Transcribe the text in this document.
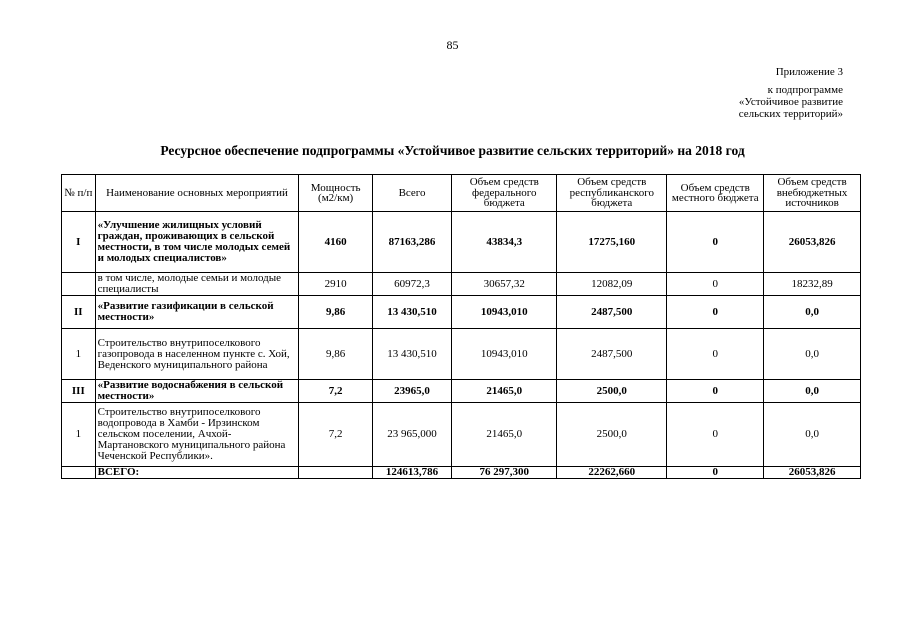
85
Приложение 3
к подпрограмме
«Устойчивое развитие
сельских территорий»
Ресурсное обеспечение подпрограммы «Устойчивое развитие сельских территорий» на 2018 год
№ п/п	Наименование основных мероприятий	Мощность (м2/км)	Всего	Объем средств федерального бюджета	Объем средств республиканского бюджета	Объем средств местного бюджета	Объем средств внебюджетных источников
I	«Улучшение жилищных условий граждан, проживающих в сельской местности, в том числе молодых семей и молодых специалистов»	4160	87163,286	43834,3	17275,160	0	26053,826
	в том числе, молодые семьи и молодые специалисты	2910	60972,3	30657,32	12082,09	0	18232,89
II	«Развитие газификации в сельской местности»	9,86	13 430,510	10943,010	2487,500	0	0,0
1	Строительство внутрипоселкового газопровода в населенном пункте с. Хой, Веденского муниципального района	9,86	13 430,510	10943,010	2487,500	0	0,0
III	«Развитие водоснабжения в сельской местности»	7,2	23965,0	21465,0	2500,0	0	0,0
1	Строительство внутрипоселкового водопровода в Хамби - Ирзинском сельском поселении, Ачхой-Мартановского муниципального района Чеченской Республики».	7,2	23 965,000	21465,0	2500,0	0	0,0
	ВСЕГО:		124613,786	76 297,300	22262,660	0	26053,826
